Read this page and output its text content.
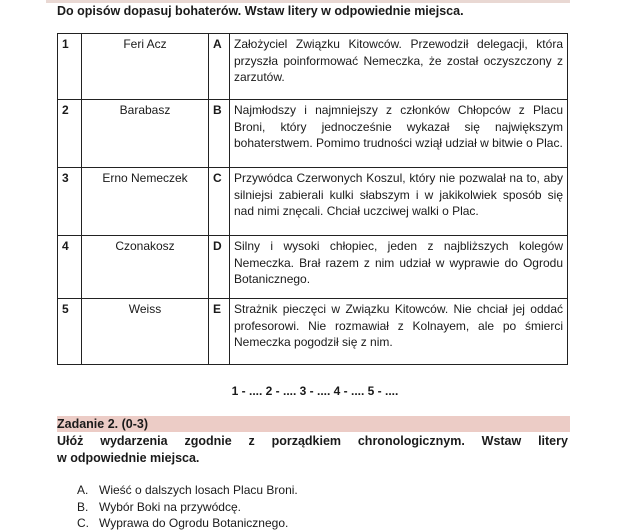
Do opisów dopasuj bohaterów. Wstaw litery w odpowiednie miejsca.
1	Feri Acz	A	Założyciel Związku Kitowców. Przewodził delegacji, która przyszła poinformować Nemeczka, że został oczyszczony z zarzutów.
2	Barabasz	B	Najmłodszy i najmniejszy z członków Chłopców z Placu Broni, który jednocześnie wykazał się największym bohaterstwem. Pomimo trudności wziął udział w bitwie o Plac.
3	Erno Nemeczek	C	Przywódca Czerwonych Koszul, który nie pozwalał na to, aby silniejsi zabierali kulki słabszym i w jakikolwiek sposób się nad nimi znęcali. Chciał uczciwej walki o Plac.
4	Czonakosz	D	Silny i wysoki chłopiec, jeden z najbliższych kolegów Nemeczka. Brał razem z nim udział w wyprawie do Ogrodu Botanicznego.
5	Weiss	E	Strażnik pieczęci w Związku Kitowców. Nie chciał jej oddać profesorowi. Nie rozmawiał z Kolnayem, ale po śmierci Nemeczka pogodził się z nim.
1 - .... 2 - .... 3 - .... 4 - .... 5 - ....
Zadanie 2. (0-3)
Ułóż wydarzenia zgodnie z porządkiem chronologicznym. Wstaw litery
w odpowiednie miejsca.
A. Wieść o dalszych losach Placu Broni.
B. Wybór Boki na przywódcę.
C. Wyprawa do Ogrodu Botanicznego.
